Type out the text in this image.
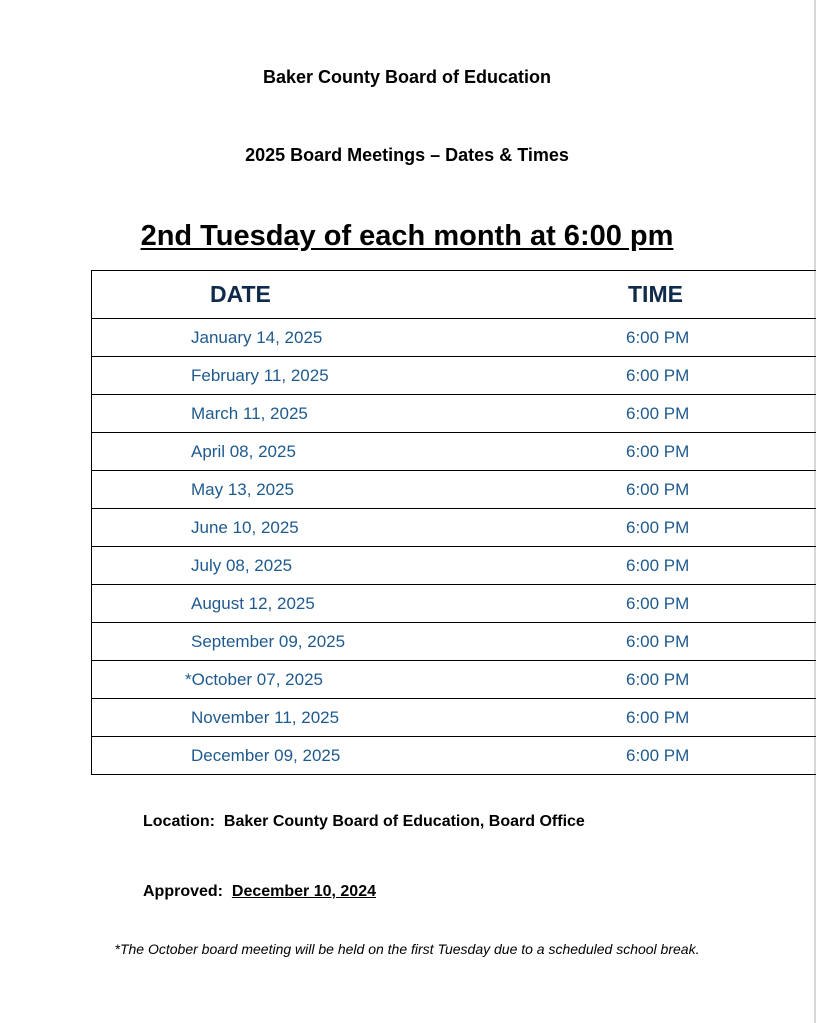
Baker County Board of Education
2025 Board Meetings – Dates & Times
2nd Tuesday of each month at 6:00 pm
DATE	TIME
January 14, 2025	6:00 PM
February 11, 2025	6:00 PM
March 11, 2025	6:00 PM
April 08, 2025	6:00 PM
May 13, 2025	6:00 PM
June 10, 2025	6:00 PM
July 08, 2025	6:00 PM
August 12, 2025	6:00 PM
September 09, 2025	6:00 PM
*October 07, 2025	6:00 PM
November 11, 2025	6:00 PM
December 09, 2025	6:00 PM
Location: Baker County Board of Education, Board Office
Approved: December 10, 2024
*The October board meeting will be held on the first Tuesday due to a scheduled school break.
